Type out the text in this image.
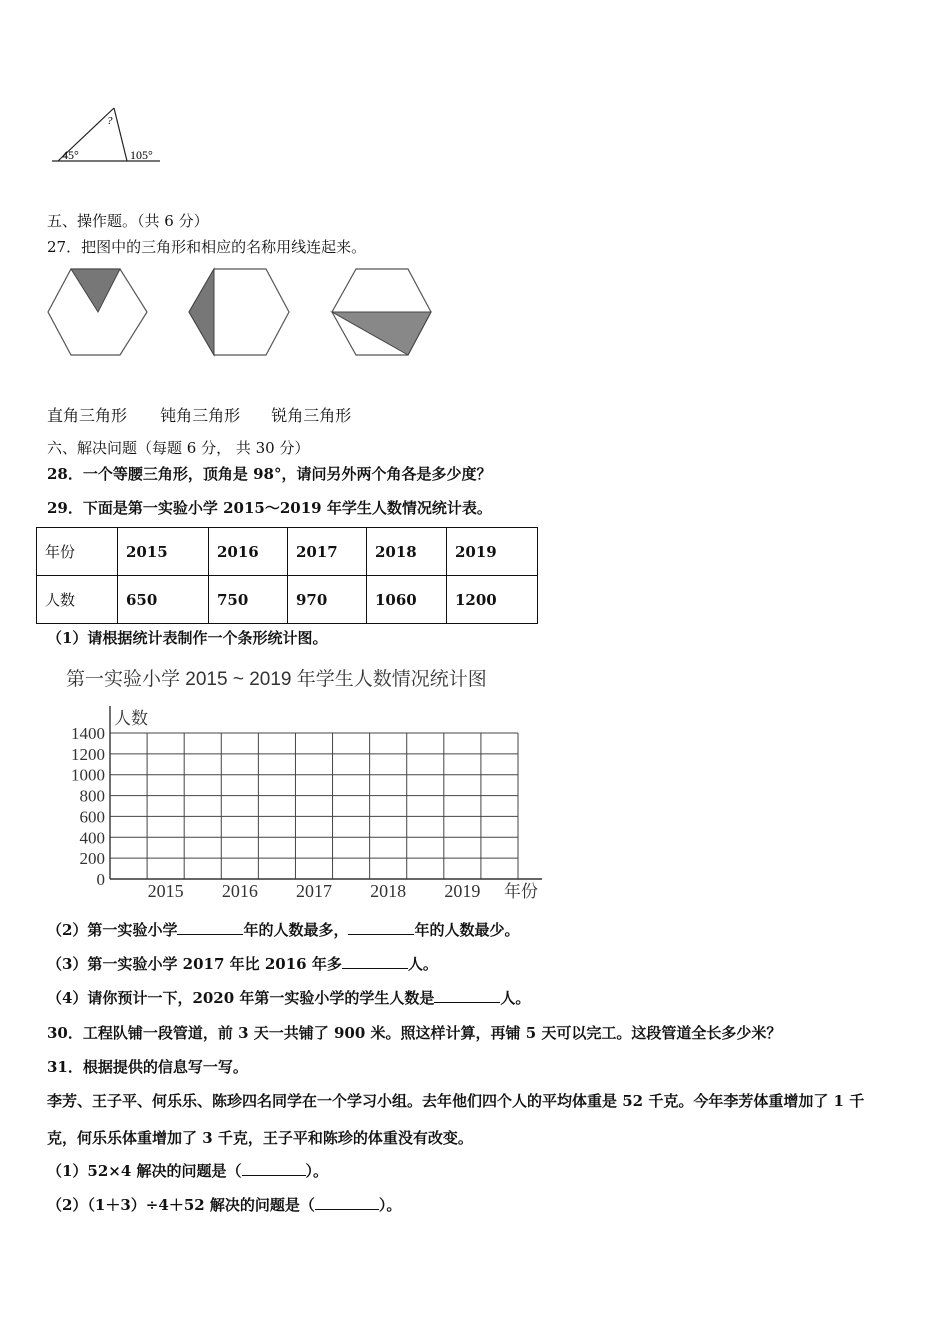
45°
?
105°
五、操作题。（共 6 分）
27．把图中的三角形和相应的名称用线连起来。
直角三角形 钝角三角形 锐角三角形
六、解决问题（每题 6 分， 共 30 分）
28．一个等腰三角形，顶角是 98°，请问另外两个角各是多少度？
29．下面是第一实验小学 2015～2019 年学生人数情况统计表。
年份	2015	2016	2017	2018	2019
人数	650	750	970	1060	1200
（1）请根据统计表制作一个条形统计图。
第一实验小学 2015 ~ 2019 年学生人数情况统计图
0
200
400
600
800
1000
1200
1400
人数
年份
2015 2016 2017 2018 2019
（2）第一实验小学	年的人数最多，	年的人数最少。
（3）第一实验小学 2017 年比 2016 年多	人。
（4）请你预计一下，2020 年第一实验小学的学生人数是	人。
30．工程队铺一段管道，前 3 天一共铺了 900 米。照这样计算，再铺 5 天可以完工。这段管道全长多少米？
31．根据提供的信息写一写。
李芳、王子平、何乐乐、陈珍四名同学在一个学习小组。去年他们四个人的平均体重是 52 千克。今年李芳体重增加了 1 千
克，何乐乐体重增加了 3 千克，王子平和陈珍的体重没有改变。
（1）52×4 解决的问题是（	）。
（2）（1＋3）÷4＋52 解决的问题是（	）。
